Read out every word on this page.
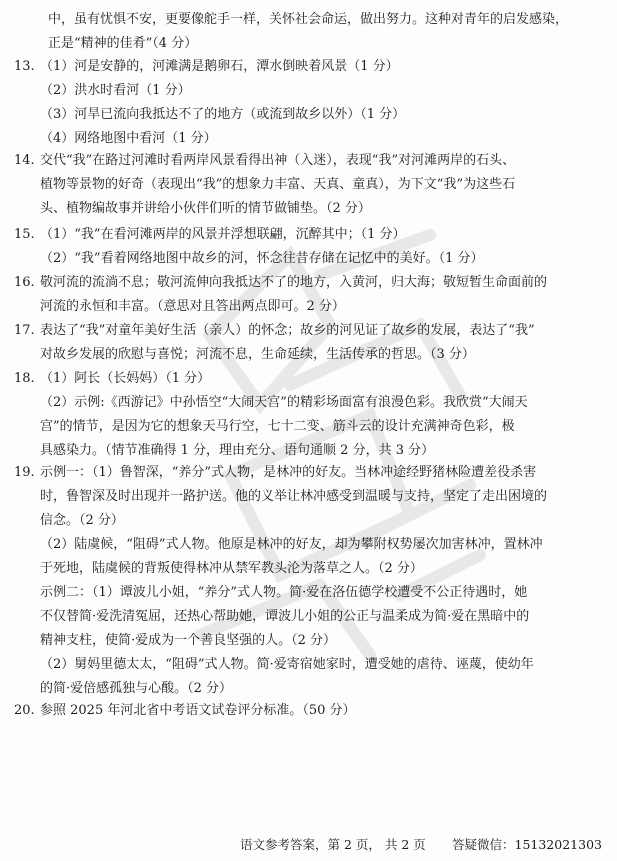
中，虽有忧惧不安，更要像舵手一样，关怀社会命运，做出努力。这种对青年的启发感染，
正是“精神的佳肴”（4 分）
13. （1）河是安静的，河滩满是鹅卵石，潭水倒映着风景（1 分）
（2）洪水时看河（1 分）
（3）河旱已流向我抵达不了的地方（或流到故乡以外）（1 分）
（4）网络地图中看河（1 分）
14. 交代“我”在路过河滩时看两岸风景看得出神（入迷），表现“我”对河滩两岸的石头、
植物等景物的好奇（表现出“我”的想象力丰富、天真、童真），为下文“我”为这些石
头、植物编故事并讲给小伙伴们听的情节做铺垫。（2 分）
15. （1）“我”在看河滩两岸的风景并浮想联翩，沉醉其中；（1 分）
（2）“我”看着网络地图中故乡的河，怀念往昔存储在记忆中的美好。（1 分）
16. 敬河流的流淌不息；敬河流伸向我抵达不了的地方，入黄河，归大海；敬短暂生命面前的
河流的永恒和丰富。（意思对且答出两点即可。2 分）
17. 表达了“我”对童年美好生活（亲人）的怀念；故乡的河见证了故乡的发展，表达了“我”
对故乡发展的欣慰与喜悦；河流不息，生命延续，生活传承的哲思。（3 分）
18. （1）阿长（长妈妈）（1 分）
（2）示例:《西游记》中孙悟空“大闹天宫”的精彩场面富有浪漫色彩。我欣赏“大闹天
宫”的情节，是因为它的想象天马行空，七十二变、筋斗云的设计充满神奇色彩，极
具感染力。（情节准确得 1 分，理由充分、语句通顺 2 分，共 3 分）
19. 示例一：（1）鲁智深，“养分”式人物，是林冲的好友。当林冲途经野猪林险遭差役杀害
时，鲁智深及时出现并一路护送。他的义举让林冲感受到温暖与支持，坚定了走出困境的
信念。（2 分）
（2）陆虞候，“阻碍”式人物。他原是林冲的好友，却为攀附权势屡次加害林冲，置林冲
于死地，陆虞候的背叛使得林冲从禁军教头沦为落草之人。（2 分）
示例二：（1）谭波儿小姐，“养分”式人物。简·爱在洛伍德学校遭受不公正待遇时，她
不仅替简·爱洗清冤屈，还热心帮助她，谭波儿小姐的公正与温柔成为简·爱在黑暗中的
精神支柱，使简·爱成为一个善良坚强的人。（2 分）
（2）舅妈里德太太，“阻碍”式人物。简·爱寄宿她家时，遭受她的虐待、诬蔑，使幼年
的简·爱倍感孤独与心酸。（2 分）
20. 参照 2025 年河北省中考语文试卷评分标准。（50 分）
语文参考答案，第 2 页， 共 2 页 答疑微信：15132021303
